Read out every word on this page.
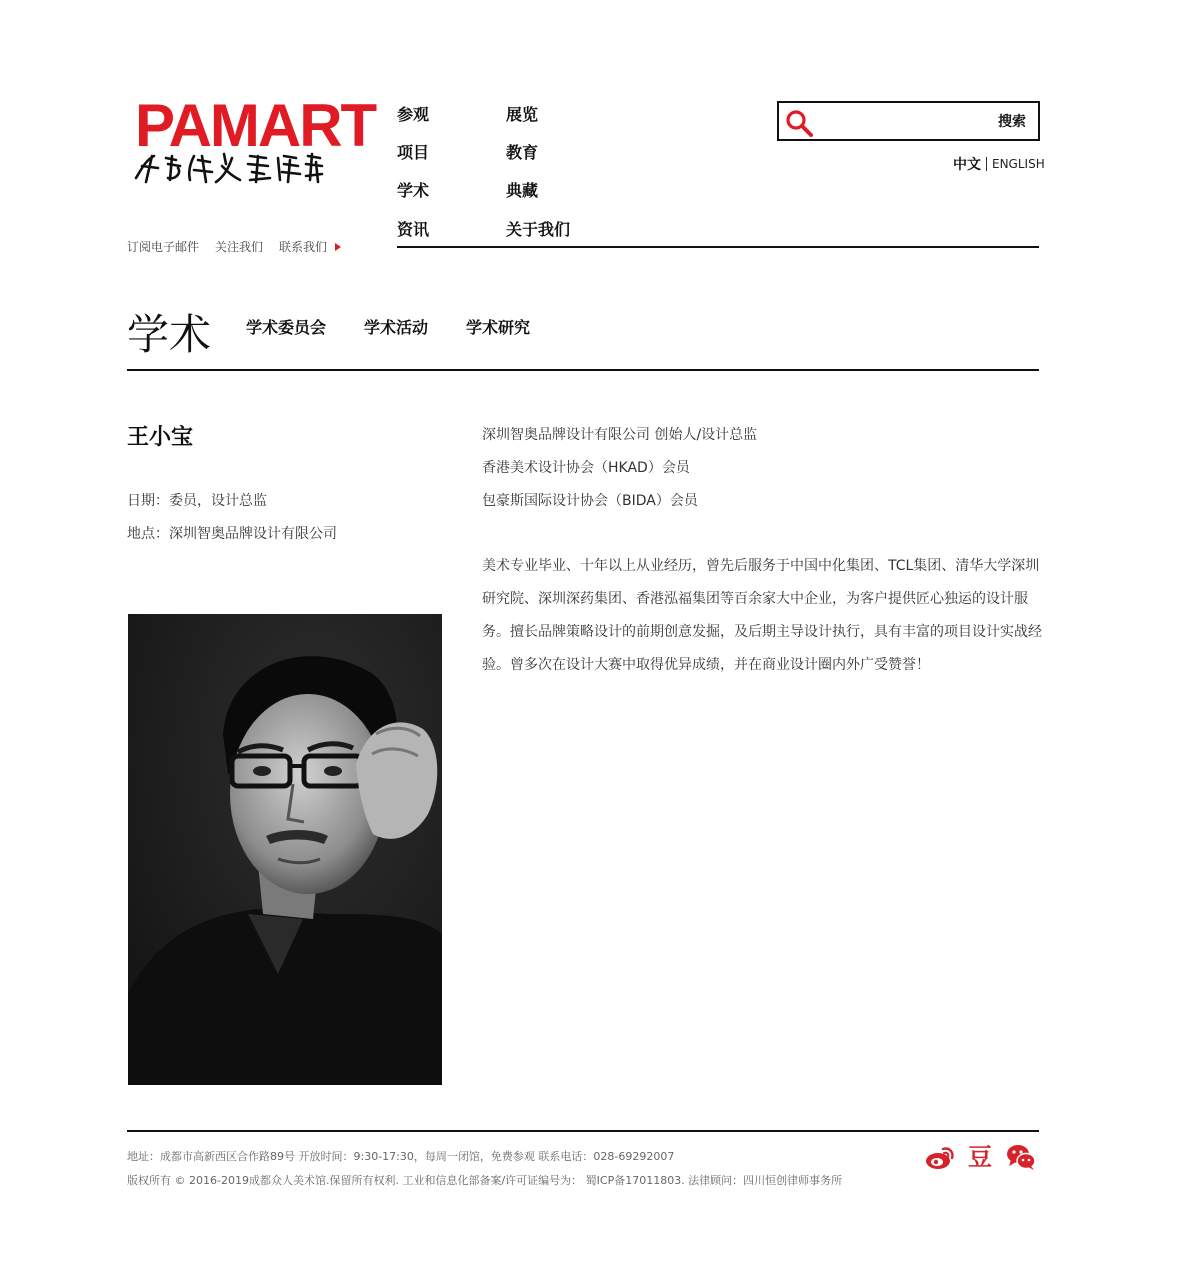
PAMART
订阅电子邮件 关注我们 联系我们
参观	展览
项目	教育
学术	典藏
资讯	关于我们
搜索
中文 ENGLISH
学术 学术委员会 学术活动 学术研究
王小宝
日期：委员，设计总监
地点：深圳智奥品牌设计有限公司
深圳智奥品牌设计有限公司 创始人/设计总监
香港美术设计协会（HKAD）会员
包豪斯国际设计协会（BIDA）会员
美术专业毕业、十年以上从业经历，曾先后服务于中国中化集团、TCL集团、清华大学深圳研究院、深圳深药集团、香港泓福集团等百余家大中企业，为客户提供匠心独运的设计服务。擅长品牌策略设计的前期创意发掘，及后期主导设计执行，具有丰富的项目设计实战经验。曾多次在设计大赛中取得优异成绩，并在商业设计圈内外广受赞誉！
地址：成都市高新西区合作路89号 开放时间：9:30-17:30，每周一闭馆，免费参观 联系电话：028-69292007
版权所有 © 2016-2019成都众人美术馆.保留所有权利. 工业和信息化部备案/许可证编号为： 蜀ICP备17011803. 法律顾问：四川恒创律师事务所
豆
